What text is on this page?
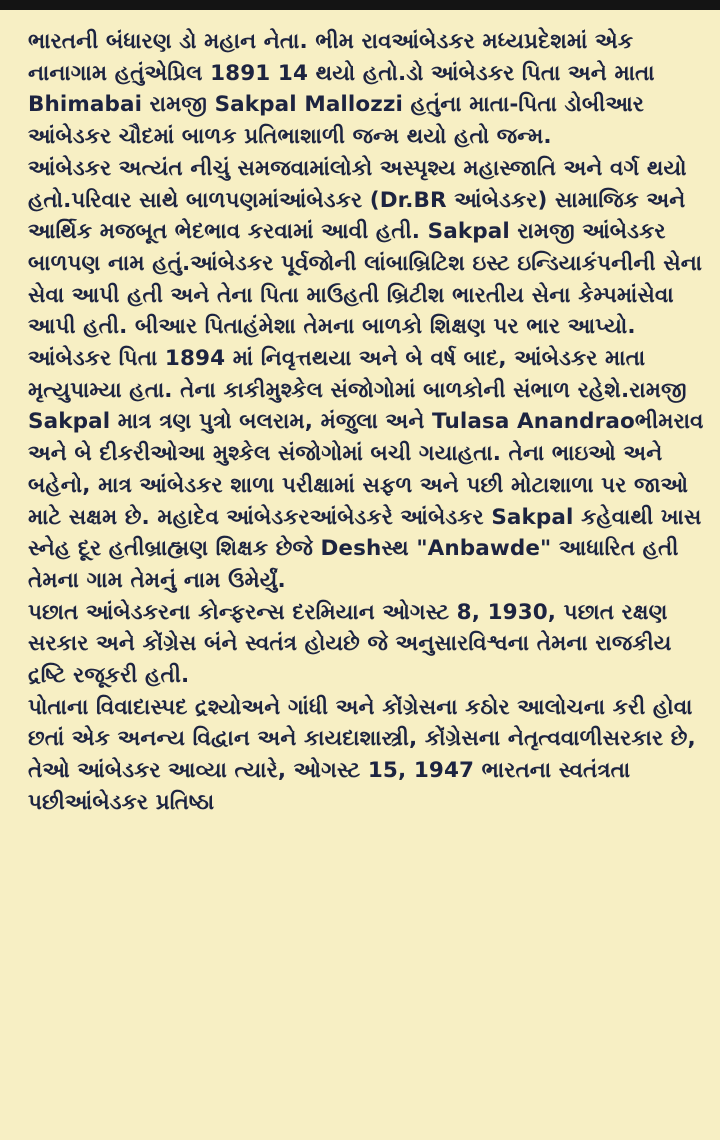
ભારતની બંધારણ ડો મહાન નેતા. ભીમ રાવઆંબેડકર મધ્યપ્રદેશમાં એક નાનાગામ હતુંએપ્રિલ 1891 14 થયો હતો.ડો આંબેડકર પિતા અને માતા Bhimabai રામજી Sakpal Mallozzi હતુંના માતા-પિતા ડોબીઆર આંબેડકર ચૌદમાં બાળક પ્રતિભાશાળી જન્મ થયો હતો જન્મ.

આંબેડકર અત્યંત નીચું સમજવામાંલોકો અસ્પૃશ્ય મહાસ્જાતિ અને વર્ગ થયો હતો.પરિવાર સાથે બાળપણમાંઆંબેડકર (Dr.BR આંબેડકર) સામાજિક અને આર્થિક મજબૂત ભેદભાવ કરવામાં આવી હતી. Sakpal રામજી આંબેડકર બાળપણ નામ હતું.આંબેડકર પૂર્વજોની લાંબાબ્રિટિશ ઇસ્ટ ઇન્ડિયાકંપનીની સેના સેવા આપી હતી અને તેના પિતા માઉહતી બ્રિટીશ ભારતીય સેના કેમ્પમાંસેવા આપી હતી. બીઆર પિતાહંમેશા તેમના બાળકો શિક્ષણ પર ભાર આપ્યો. આંબેડકર પિતા 1894 માં નિવૃત્તથયા અને બે વર્ષ બાદ, આંબેડકર માતા મૃત્યુપામ્યા હતા. તેના કાકીમુશ્કેલ સંજોગોમાં બાળકોની સંભાળ રહેશે.રામજી Sakpal માત્ર ત્રણ પુત્રો બલરામ, મંજુલા અને Tulasa Anandraoભીમરાવ અને બે દીકરીઓઆ મુશ્કેલ સંજોગોમાં બચી ગયાહતા. તેના ભાઇઓ અને બહેનો, માત્ર આંબેડકર શાળા પરીક્ષામાં સફળ અને પછી મોટાશાળા પર જાઓ માટે સક્ષમ છે. મહાદેવ આંબેડકરઆંબેડકરે આંબેડકર Sakpal કહેવાથી ખાસ સ્નેહ દૂર હતીબ્રાહ્મણ શિક્ષક છેજે Deshસ્થ "Anbawde" આધારિત હતી તેમના ગામ તેમનું નામ ઉમેર્યું.

પછાત આંબેડકરના કોન્ફરન્સ દરમિયાન ઓગસ્ટ 8, 1930, પછાત રક્ષણ સરકાર અને કોંગ્રેસ બંને સ્વતંત્ર હોયછે જે અનુસારવિશ્વના તેમના રાજકીય દ્રષ્ટિ રજૂકરી હતી.

પોતાના વિવાદાસ્પદ દ્રશ્યોઅને ગાંધી અને કોંગ્રેસના કઠોર આલોચના કરી હોવા છતાં એક અનન્ય વિદ્વાન અને કાયદાશાસ્ત્રી, કોંગ્રેસના નેતૃત્વવાળીસરકાર છે, તેઓ આંબેડકર આવ્યા ત્યારે, ઓગસ્ટ 15, 1947 ભારતના સ્વતંત્રતા પછીઆંબેડકર પ્રતિષ્ઠા
